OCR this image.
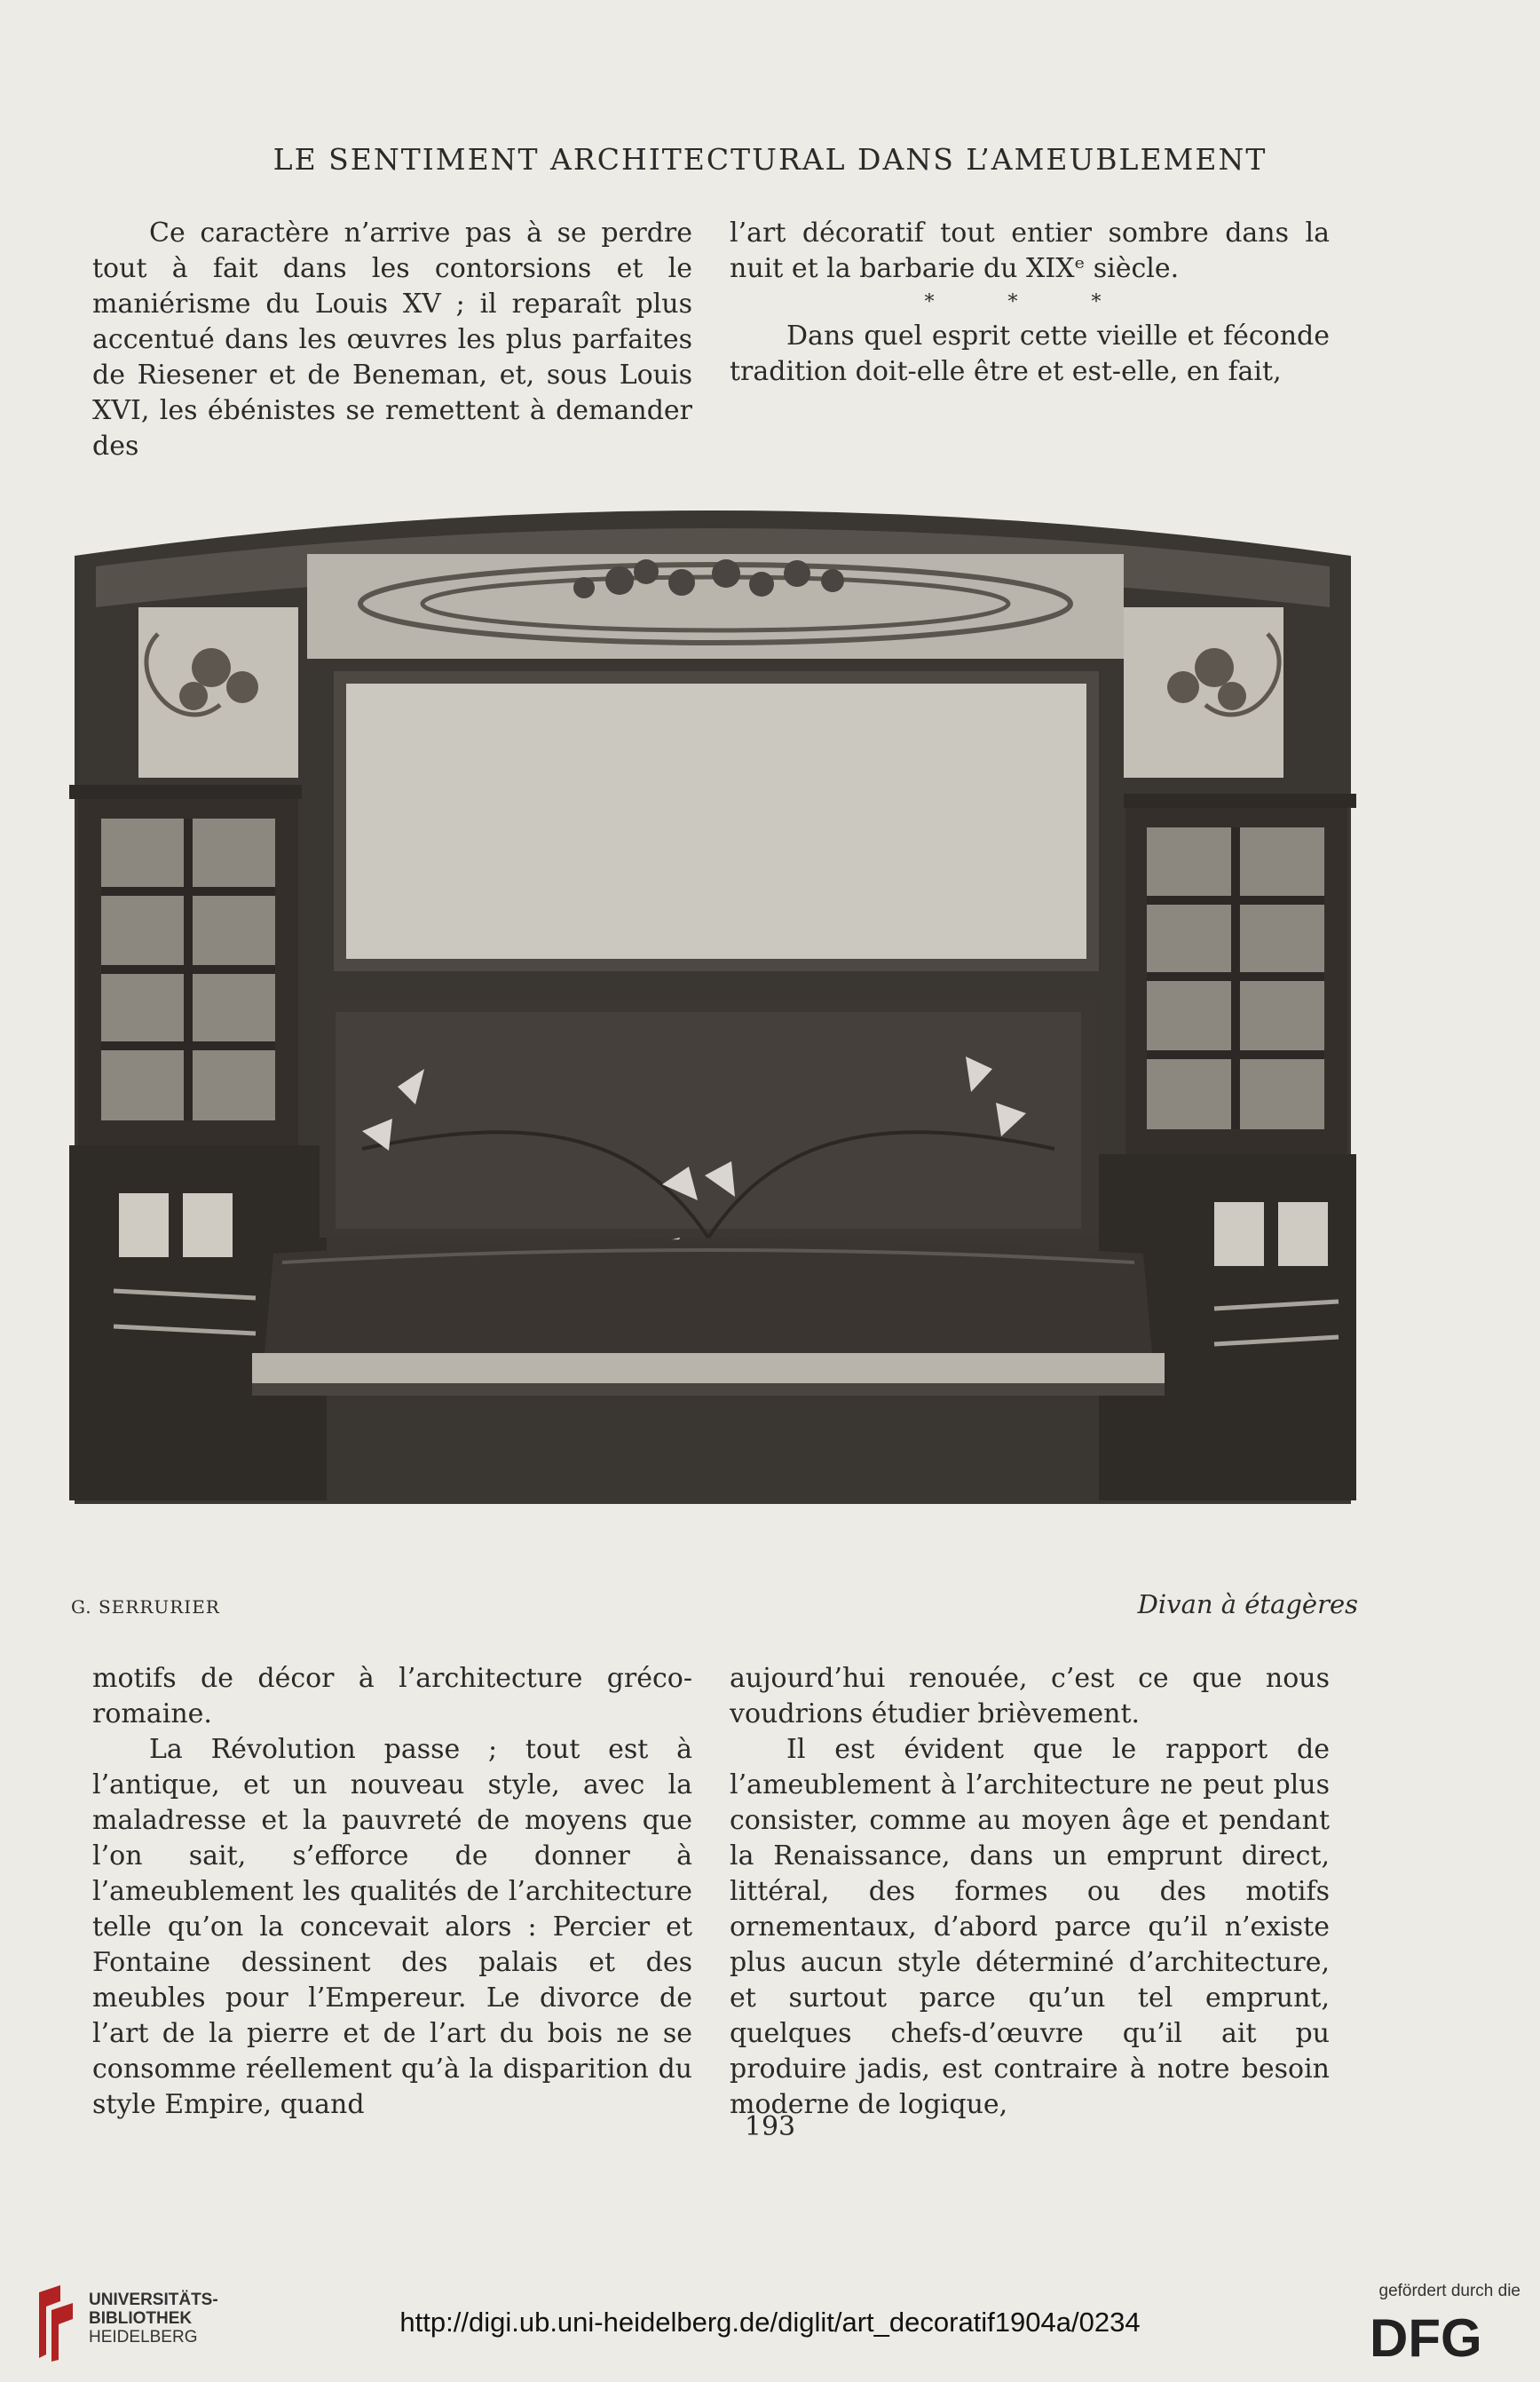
LE SENTIMENT ARCHITECTURAL DANS L’AMEUBLEMENT

Ce caractère n’arrive pas à se perdre tout à fait dans les contorsions et le maniérisme du Louis XV ; il reparaît plus accentué dans les œuvres les plus parfaites de Riesener et de Beneman, et, sous Louis XVI, les ébénistes se remettent à demander des

l’art décoratif tout entier sombre dans la nuit et la barbarie du XIXᵉ siècle.

* * *

Dans quel esprit cette vieille et féconde tradition doit-elle être et est-elle, en fait,

G. SERRURIER	Divan à étagères

motifs de décor à l’architecture gréco-romaine.

La Révolution passe ; tout est à l’antique, et un nouveau style, avec la maladresse et la pauvreté de moyens que l’on sait, s’efforce de donner à l’ameublement les qualités de l’architecture telle qu’on la concevait alors : Percier et Fontaine dessinent des palais et des meubles pour l’Empereur. Le divorce de l’art de la pierre et de l’art du bois ne se consomme réellement qu’à la disparition du style Empire, quand

aujourd’hui renouée, c’est ce que nous voudrions étudier brièvement.

Il est évident que le rapport de l’ameublement à l’architecture ne peut plus consister, comme au moyen âge et pendant la Renaissance, dans un emprunt direct, littéral, des formes ou des motifs ornementaux, d’abord parce qu’il n’existe plus aucun style déterminé d’architecture, et surtout parce qu’un tel emprunt, quelques chefs-d’œuvre qu’il ait pu produire jadis, est contraire à notre besoin moderne de logique,

193
UNIVERSITÄTS-
BIBLIOTHEK
HEIDELBERG	http://digi.ub.uni-heidelberg.de/diglit/art_decoratif1904a/0234
gefördert durch die
DFG
